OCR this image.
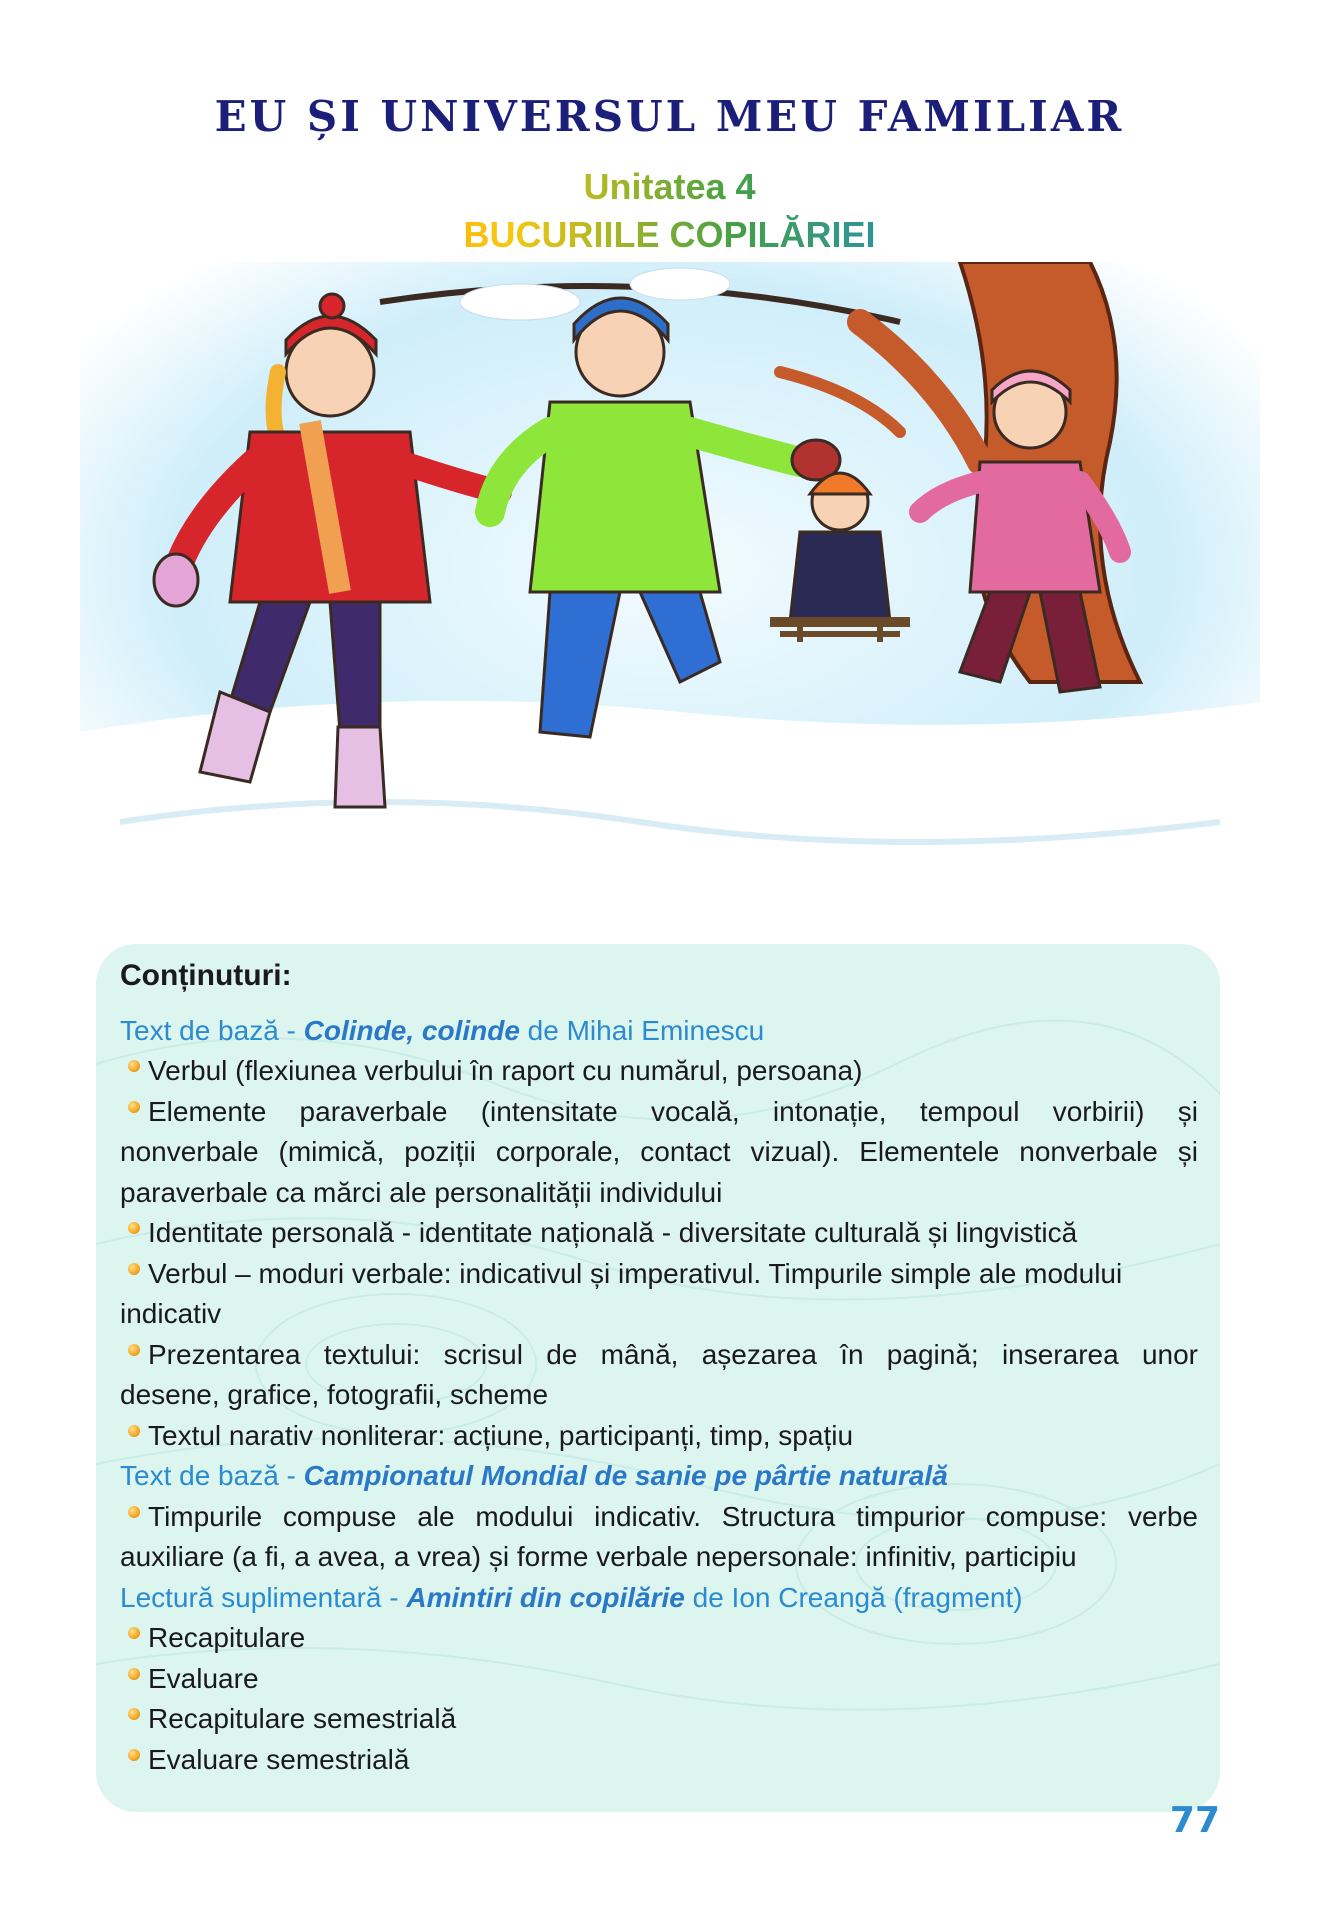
EU ȘI UNIVERSUL MEU FAMILIAR
Unitatea 4
BUCURIILE COPILĂRIEI
Conținuturi:
Text de bază - Colinde, colinde de Mihai Eminescu
Verbul (flexiunea verbului în raport cu numărul, persoana)
Elemente paraverbale (intensitate vocală, intonație, tempoul vorbirii) și
nonverbale (mimică, poziții corporale, contact vizual). Elementele nonverbale și
paraverbale ca mărci ale personalității individului
Identitate personală - identitate națională - diversitate culturală și lingvistică
Verbul – moduri verbale: indicativul și imperativul. Timpurile simple ale modului
indicativ
Prezentarea textului: scrisul de mână, așezarea în pagină; inserarea unor
desene, grafice, fotografii, scheme
Textul narativ nonliterar: acțiune, participanți, timp, spațiu
Text de bază - Campionatul Mondial de sanie pe pârtie naturală
Timpurile compuse ale modului indicativ. Structura timpurior compuse: verbe
auxiliare (a fi, a avea, a vrea) și forme verbale nepersonale: infinitiv, participiu
Lectură suplimentară - Amintiri din copilărie de Ion Creangă (fragment)
Recapitulare
Evaluare
Recapitulare semestrială
Evaluare semestrială
77
